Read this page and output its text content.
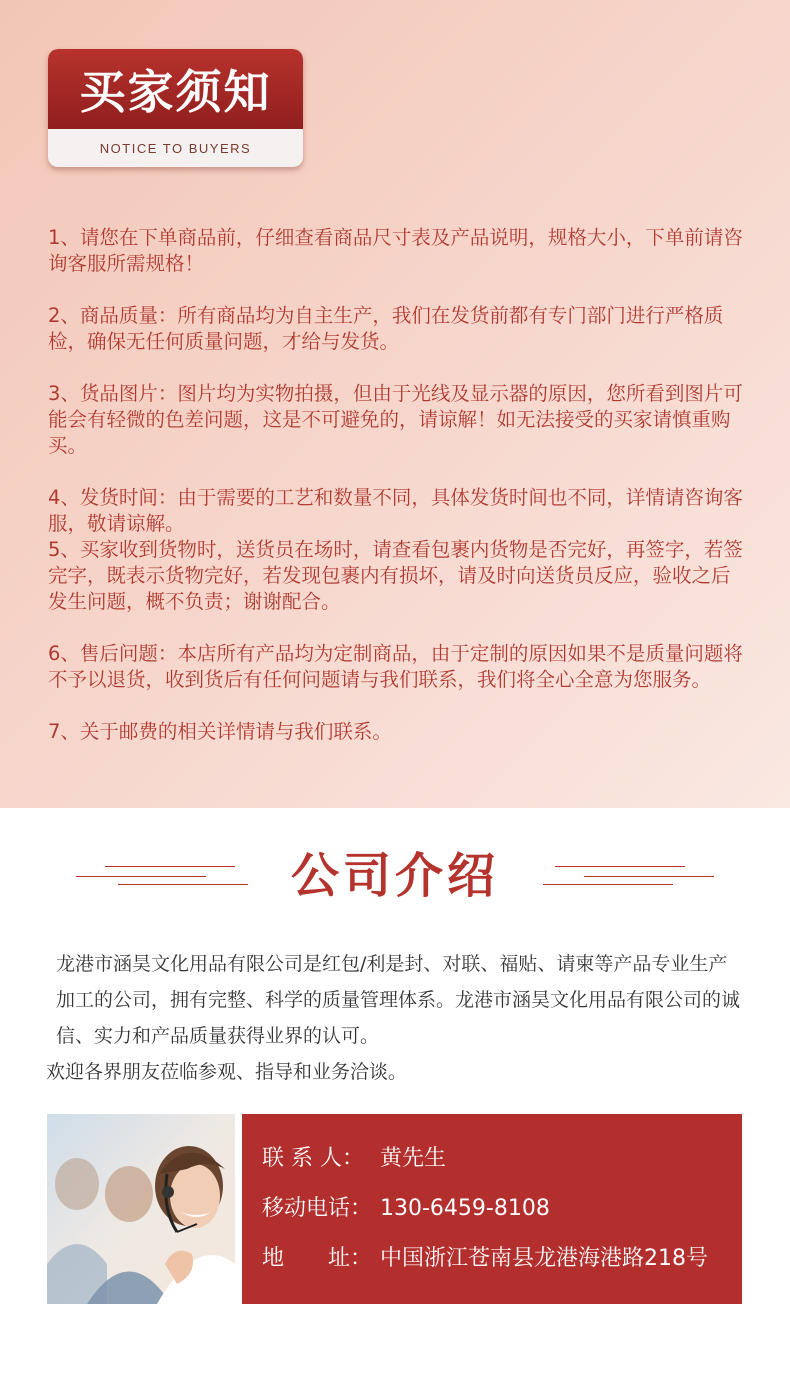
买家须知
NOTICE TO BUYERS
1、请您在下单商品前，仔细查看商品尺寸表及产品说明，规格大小，下单前请咨询客服所需规格！
2、商品质量：所有商品均为自主生产，我们在发货前都有专门部门进行严格质检，确保无任何质量问题，才给与发货。
3、货品图片：图片均为实物拍摄，但由于光线及显示器的原因，您所看到图片可能会有轻微的色差问题，这是不可避免的，请谅解！如无法接受的买家请慎重购买。
4、发货时间：由于需要的工艺和数量不同，具体发货时间也不同，详情请咨询客服，敬请谅解。
5、买家收到货物时，送货员在场时，请查看包裹内货物是否完好，再签字，若签完字，既表示货物完好，若发现包裹内有损坏，请及时向送货员反应，验收之后发生问题，概不负责；谢谢配合。
6、售后问题：本店所有产品均为定制商品，由于定制的原因如果不是质量问题将不予以退货，收到货后有任何问题请与我们联系，我们将全心全意为您服务。
7、关于邮费的相关详情请与我们联系。
公司介绍
龙港市涵昊文化用品有限公司是红包/利是封、对联、福贴、请柬等产品专业生产加工的公司，拥有完整、科学的质量管理体系。龙港市涵昊文化用品有限公司的诚信、实力和产品质量获得业界的认可。
欢迎各界朋友莅临参观、指导和业务洽谈。
联 系 人： 黄先生
移动电话： 130-6459-8108
地　　址： 中国浙江苍南县龙港海港路218号
